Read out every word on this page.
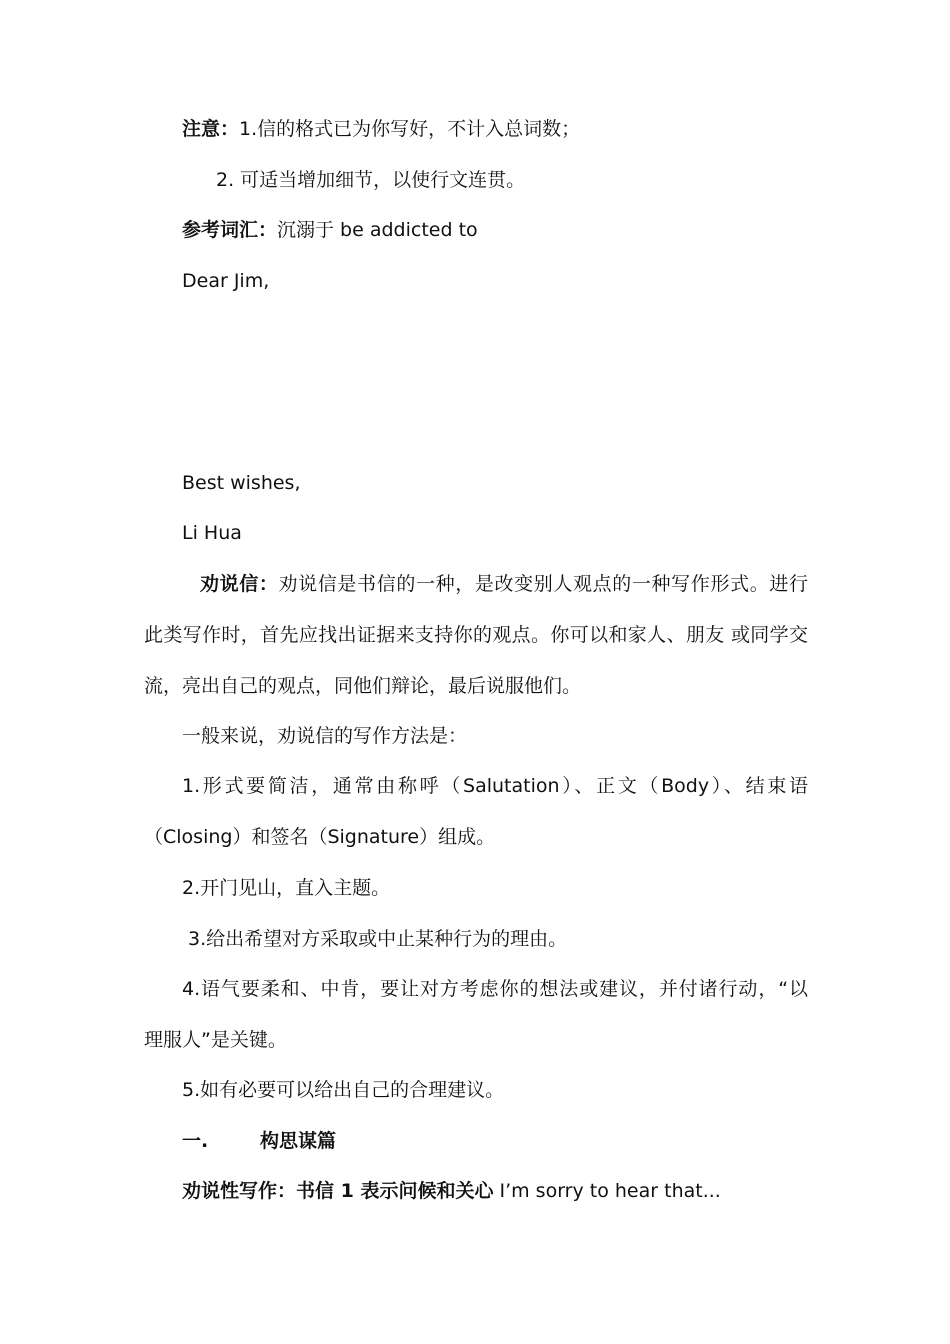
注意：1.信的格式已为你写好，不计入总词数；
2. 可适当增加细节，以使行文连贯。
参考词汇：沉溺于 be addicted to
Dear Jim,
Best wishes,
Li Hua
劝说信：劝说信是书信的一种，是改变别人观点的一种写作形式。进行
此类写作时，首先应找出证据来支持你的观点。你可以和家人、朋友 或同学交
流，亮出自己的观点，同他们辩论，最后说服他们。
一般来说，劝说信的写作方法是：
1.形式要简洁，通常由称呼（Salutation）、正文（Body）、结束语
（Closing）和签名（Signature）组成。
2.开门见山，直入主题。
3.给出希望对方采取或中止某种行为的理由。
4.语气要柔和、中肯，要让对方考虑你的想法或建议，并付诸行动，“以
理服人”是关键。
5.如有必要可以给出自己的合理建议。
一.	构思谋篇
劝说性写作：书信 1 表示问候和关心 I’m sorry to hear that...
